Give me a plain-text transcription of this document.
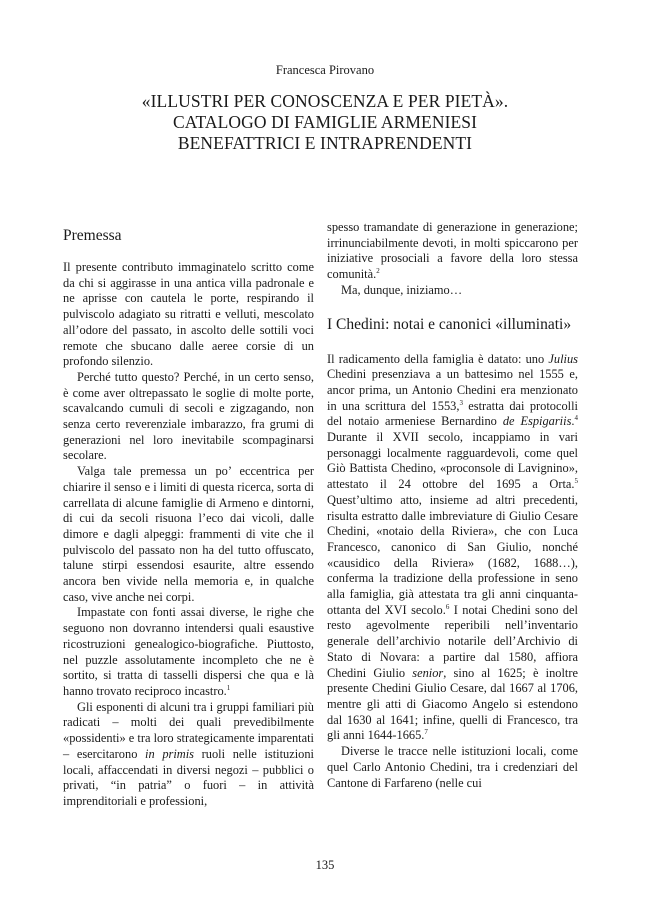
Francesca Pirovano
«ILLUSTRI PER CONOSCENZA E PER PIETÀ».
CATALOGO DI FAMIGLIE ARMENIESI
BENEFATTRICI E INTRAPRENDENTI
Premessa

Il presente contributo immaginatelo scritto come da chi si aggirasse in una antica villa padronale e ne aprisse con cautela le porte, respirando il pulviscolo adagiato su ritratti e velluti, mescolato all’odore del passato, in ascolto delle sottili voci remote che sbucano dalle aeree corsie di un profondo silenzio.

Perché tutto questo? Perché, in un certo senso, è come aver oltrepassato le soglie di molte porte, scavalcando cumuli di secoli e zigzagando, non senza certo reverenziale imbarazzo, fra grumi di generazioni nel loro inevitabile scompaginarsi secolare.

Valga tale premessa un po’ eccentrica per chiarire il senso e i limiti di questa ricerca, sorta di carrellata di alcune famiglie di Armeno e dintorni, di cui da secoli risuona l’eco dai vicoli, dalle dimore e dagli alpeggi: frammenti di vite che il pulviscolo del passato non ha del tutto offuscato, talune stirpi essendosi esaurite, altre essendo ancora ben vivide nella memoria e, in qualche caso, vive anche nei corpi.

Impastate con fonti assai diverse, le righe che seguono non dovranno intendersi quali esaustive ricostruzioni genealogico-biografiche. Piuttosto, nel puzzle assolutamente incompleto che ne è sortito, si tratta di tasselli dispersi che qua e là hanno trovato reciproco incastro.$^1$

Gli esponenti di alcuni tra i gruppi familiari più radicati – molti dei quali prevedibilmente «possidenti» e tra loro strategicamente imparentati – esercitarono in primis ruoli nelle istituzioni locali, affaccendati in diversi negozi – pubblici o privati, “in patria” o fuori – in attività imprenditoriali e professioni,

spesso tramandate di generazione in generazione; irrinunciabilmente devoti, in molti spiccarono per iniziative prosociali a favore della loro stessa comunità.$^2$

Ma, dunque, iniziamo…

I Chedini: notai e canonici «illuminati»

Il radicamento della famiglia è datato: uno Julius Chedini presenziava a un battesimo nel 1555 e, ancor prima, un Antonio Chedini era menzionato in una scrittura del 1553,$^3$ estratta dai protocolli del notaio armeniese Bernardino de Espigariis.$^4$ Durante il XVII secolo, incappiamo in vari personaggi localmente ragguardevoli, come quel Giò Battista Chedino, «proconsole di Lavignino», attestato il 24 ottobre del 1695 a Orta.$^5$ Quest’ultimo atto, insieme ad altri precedenti, risulta estratto dalle imbreviature di Giulio Cesare Chedini, «notaio della Riviera», che con Luca Francesco, canonico di San Giulio, nonché «causidico della Riviera» (1682, 1688…), conferma la tradizione della professione in seno alla famiglia, già attestata tra gli anni cinquanta-ottanta del XVI secolo.$^6$ I notai Chedini sono del resto agevolmente reperibili nell’inventario generale dell’archivio notarile dell’Archivio di Stato di Novara: a partire dal 1580, affiora Chedini Giulio senior, sino al 1625; è inoltre presente Chedini Giulio Cesare, dal 1667 al 1706, mentre gli atti di Giacomo Angelo si estendono dal 1630 al 1641; infine, quelli di Francesco, tra gli anni 1644-1665.$^7$

Diverse le tracce nelle istituzioni locali, come quel Carlo Antonio Chedini, tra i credenziari del Cantone di Farfareno (nelle cui

135
